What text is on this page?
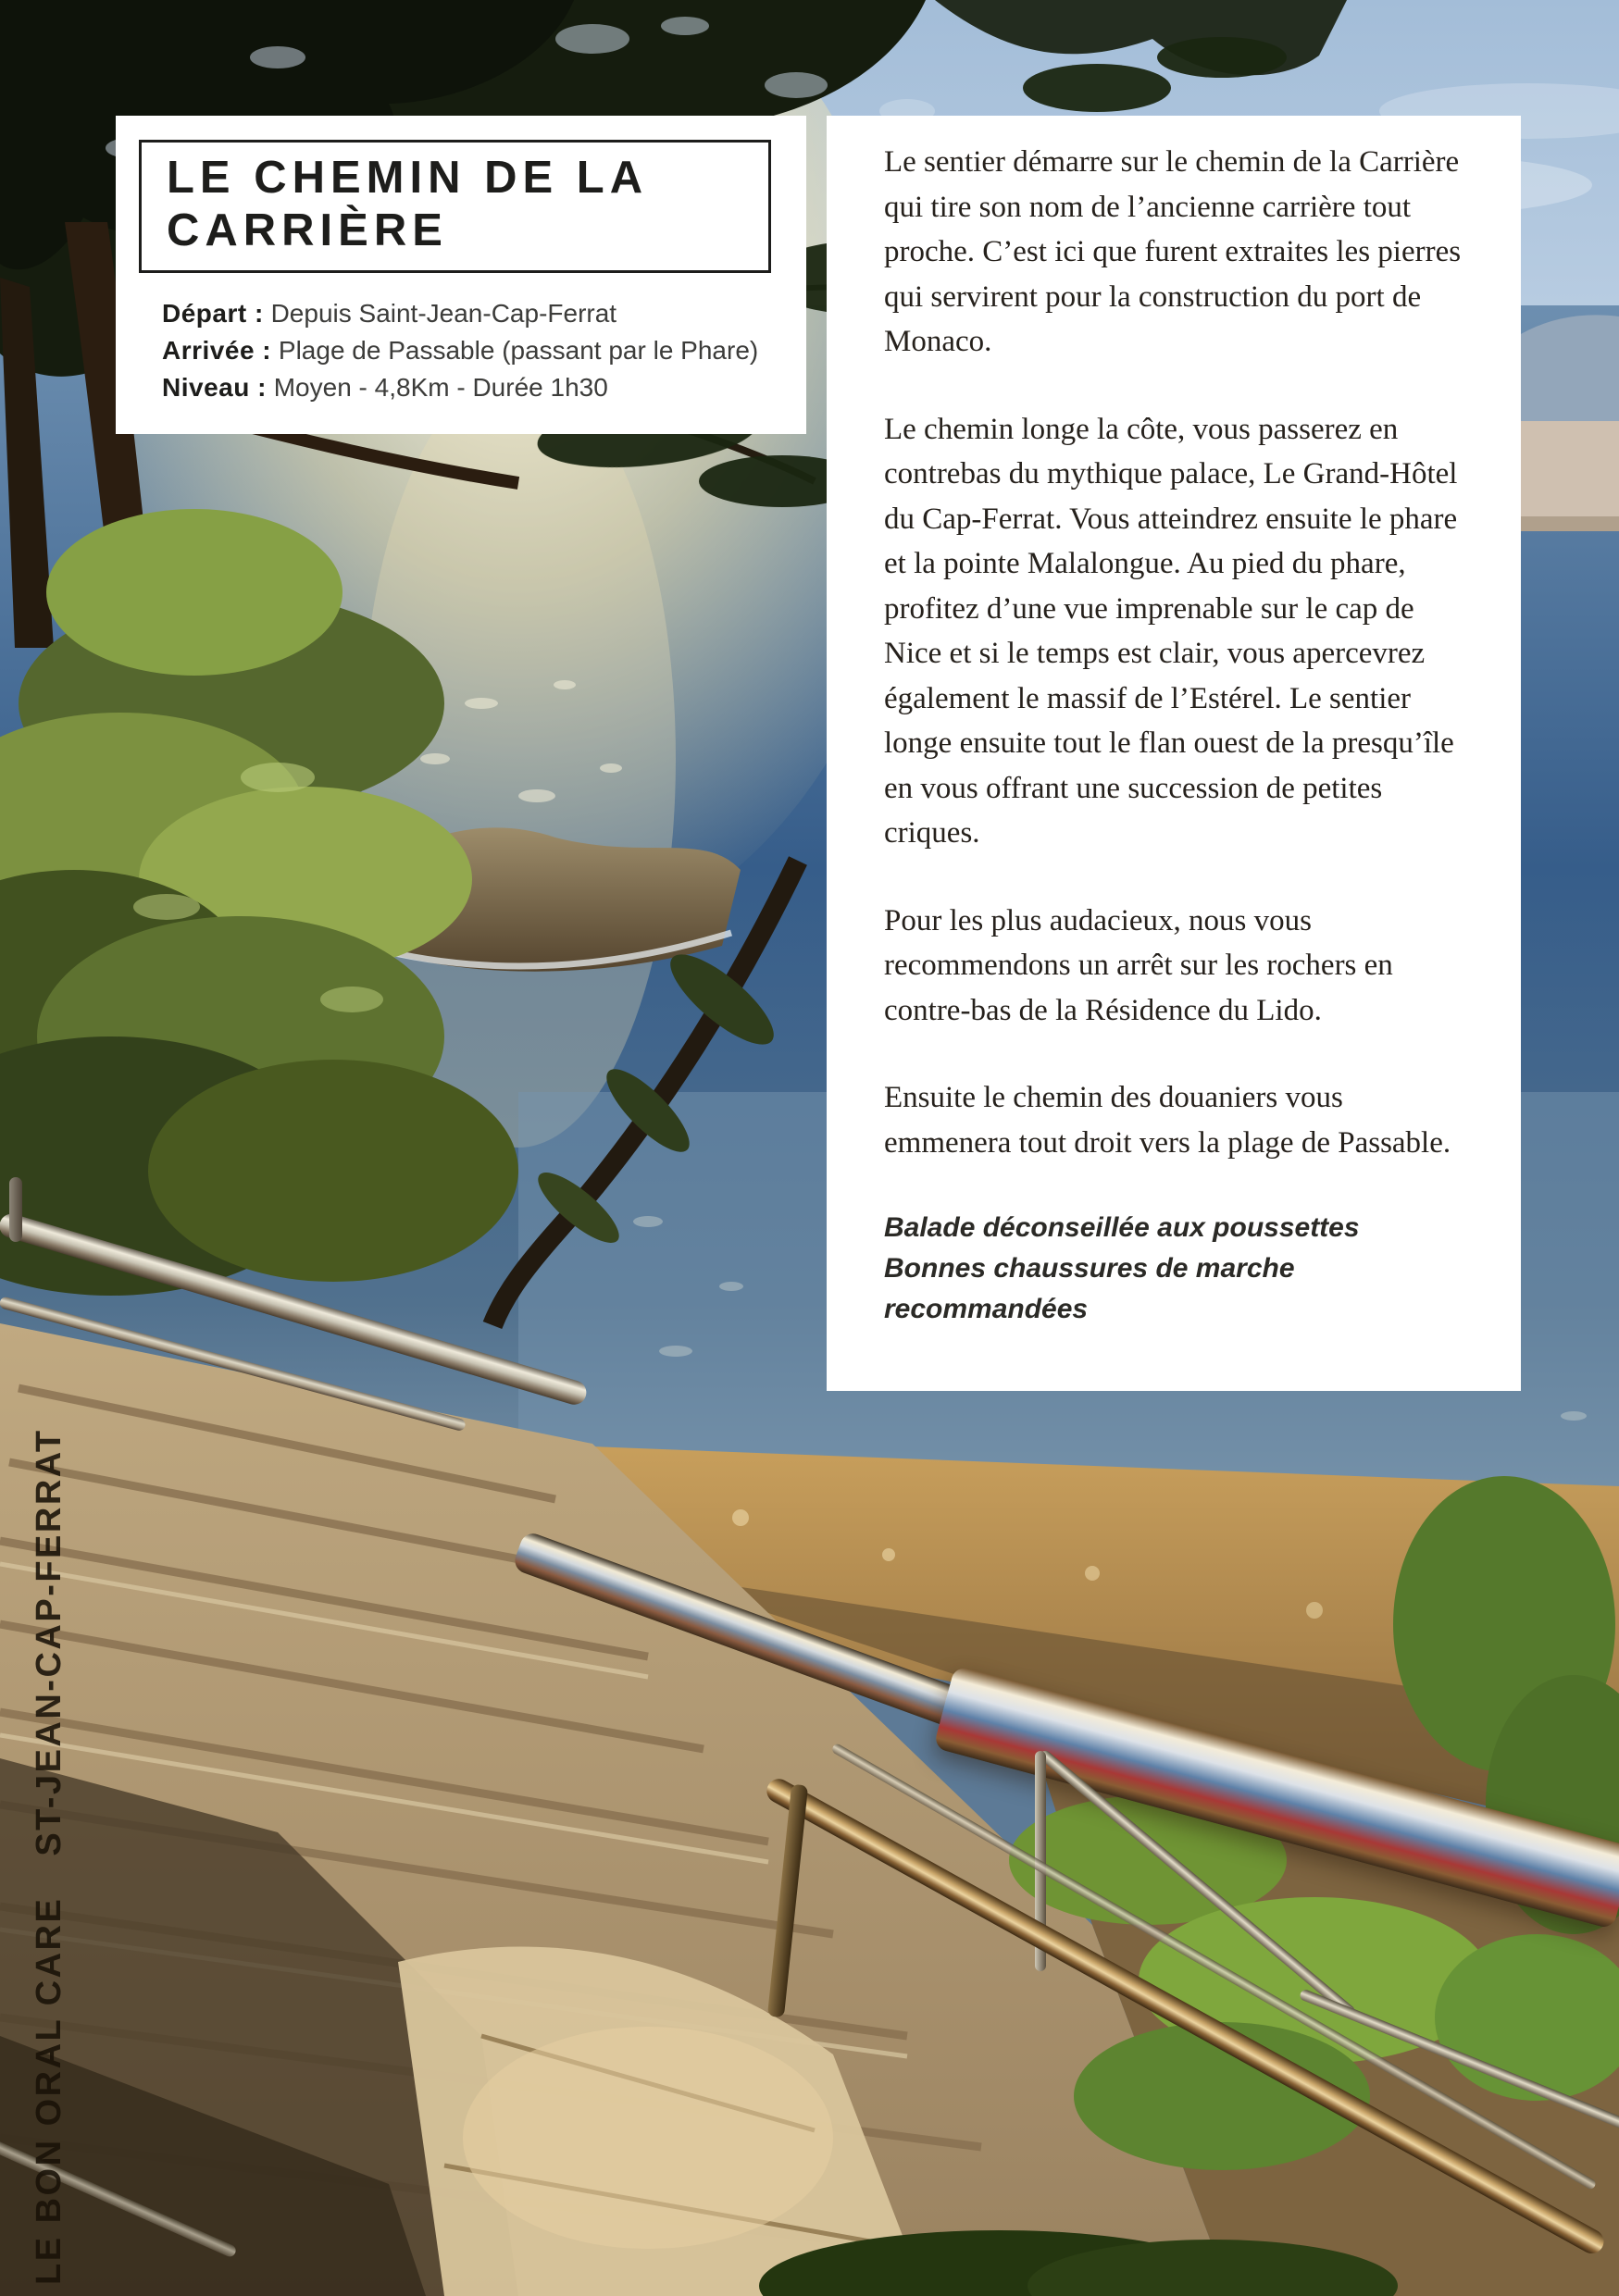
LE BON ORAL CARE
ST-JEAN-CAP-FERRAT
LE CHEMIN DE LA
CARRIÈRE
Départ : Depuis Saint-Jean-Cap-Ferrat
Arrivée : Plage de Passable (passant par le Phare)
Niveau : Moyen - 4,8Km - Durée 1h30

Le sentier démarre sur le chemin de la Carrière qui tire son nom de l’ancienne carrière tout proche. C’est ici que furent extraites les pierres qui servirent pour la construction du port de Monaco.

Le chemin longe la côte, vous passerez en contrebas du mythique palace, Le Grand-Hôtel du Cap-Ferrat. Vous atteindrez ensuite le phare et la pointe Malalongue. Au pied du phare, profitez d’une vue imprenable sur le cap de Nice et si le temps est clair, vous apercevrez également le massif de l’Estérel. Le sentier longe ensuite tout le flan ouest de la presqu’île en vous offrant une succession de petites criques.

Pour les plus audacieux, nous vous recommendons un arrêt sur les rochers en contre-bas de la Résidence du Lido.

Ensuite le chemin des douaniers vous emmenera tout droit vers la plage de Passable.

Balade déconseillée aux poussettes
Bonnes chaussures de marche recommandées
